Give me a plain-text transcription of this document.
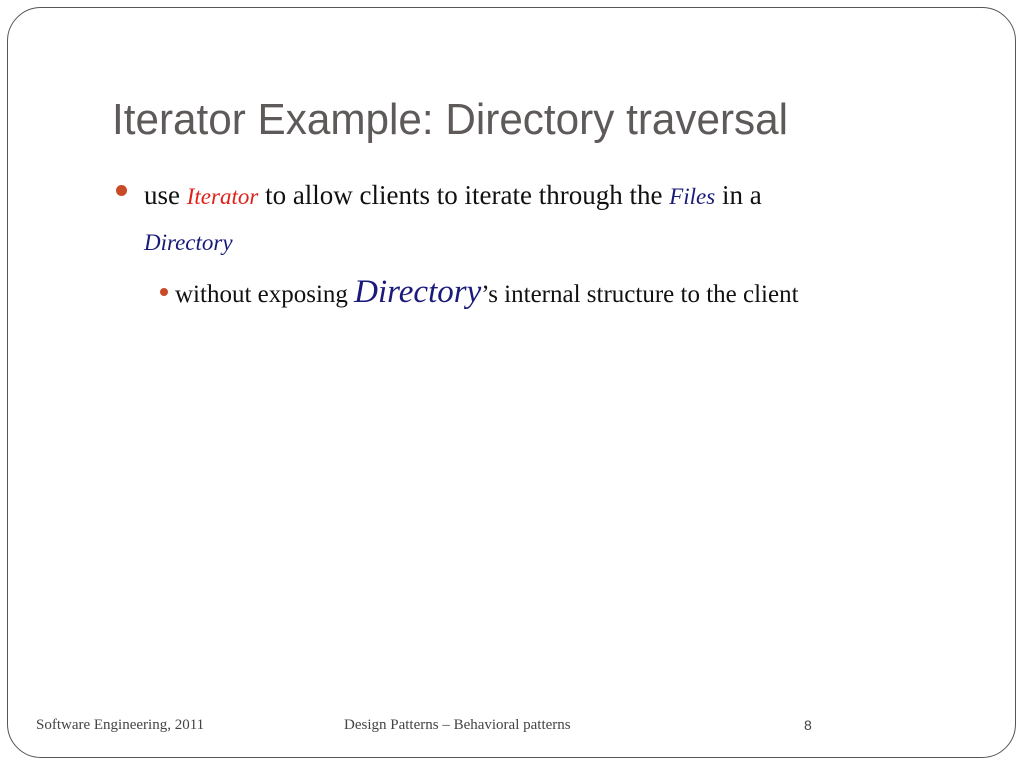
Iterator Example: Directory traversal
use Iterator to allow clients to iterate through the Files in a
Directory
without exposing Directory’s internal structure to the client
Software Engineering, 2011	Design Patterns – Behavioral patterns	8
